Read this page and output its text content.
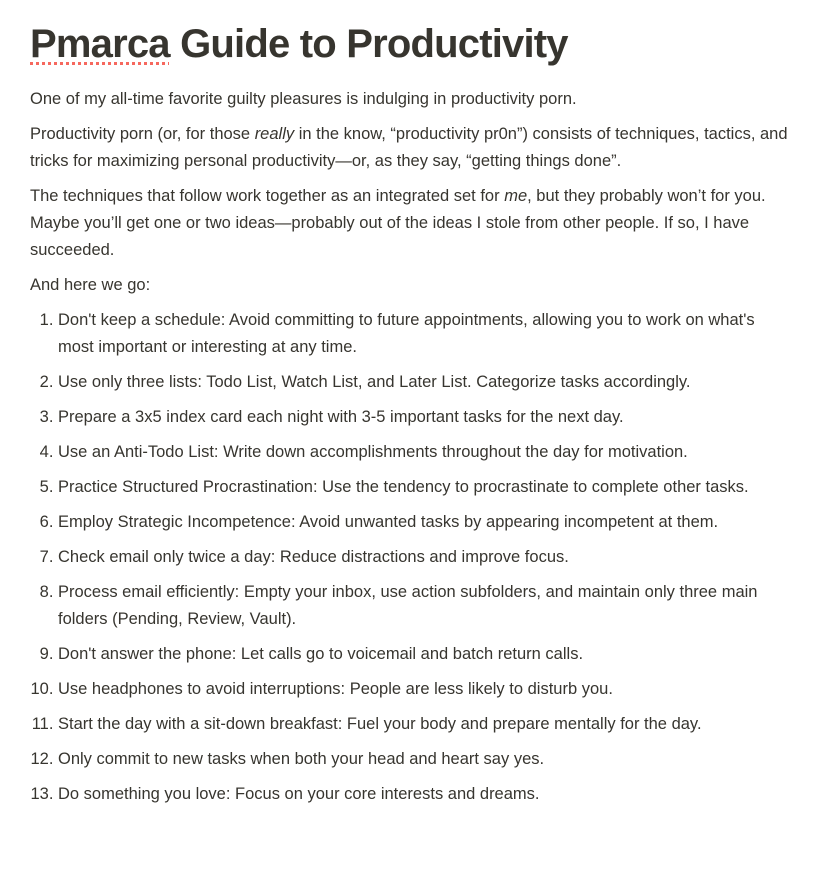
Pmarca Guide to Productivity

One of my all-time favorite guilty pleasures is indulging in productivity porn.

Productivity porn (or, for those really in the know, “productivity pr0n”) consists of techniques, tactics, and tricks for maximizing personal productivity—or, as they say, “getting things done”.

The techniques that follow work together as an integrated set for me, but they probably won’t for you. Maybe you’ll get one or two ideas—probably out of the ideas I stole from other people. If so, I have succeeded.

And here we go:

1. Don't keep a schedule: Avoid committing to future appointments, allowing you to work on what's most important or interesting at any time.
2. Use only three lists: Todo List, Watch List, and Later List. Categorize tasks accordingly.
3. Prepare a 3x5 index card each night with 3-5 important tasks for the next day.
4. Use an Anti-Todo List: Write down accomplishments throughout the day for motivation.
5. Practice Structured Procrastination: Use the tendency to procrastinate to complete other tasks.
6. Employ Strategic Incompetence: Avoid unwanted tasks by appearing incompetent at them.
7. Check email only twice a day: Reduce distractions and improve focus.
8. Process email efficiently: Empty your inbox, use action subfolders, and maintain only three main folders (Pending, Review, Vault).
9. Don't answer the phone: Let calls go to voicemail and batch return calls.
10. Use headphones to avoid interruptions: People are less likely to disturb you.
11. Start the day with a sit-down breakfast: Fuel your body and prepare mentally for the day.
12. Only commit to new tasks when both your head and heart say yes.
13. Do something you love: Focus on your core interests and dreams.
